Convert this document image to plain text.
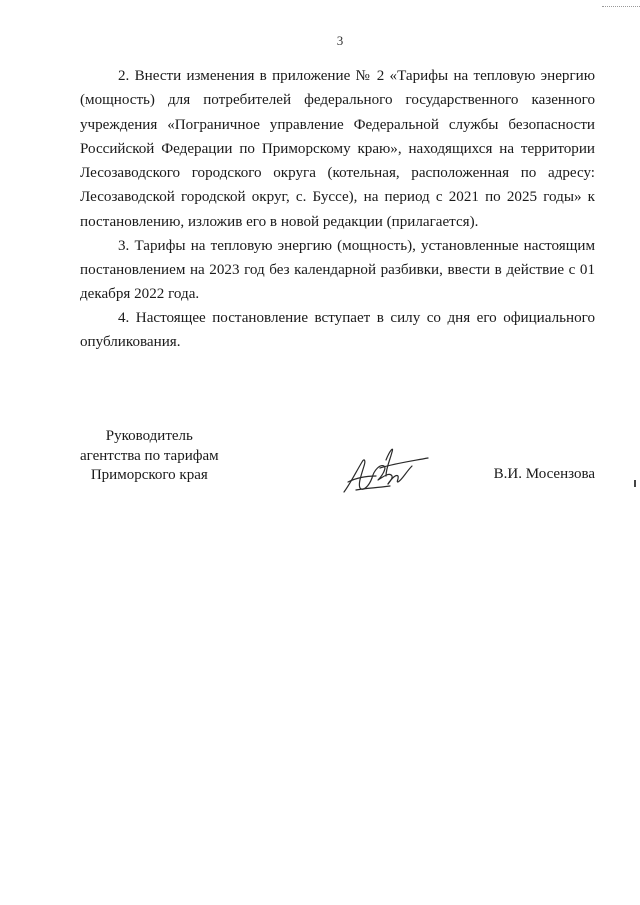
3

2. Внести изменения в приложение № 2 «Тарифы на тепловую энергию (мощность) для потребителей федерального государственного казенного учреждения «Пограничное управление Федеральной службы безопасности Российской Федерации по Приморскому краю», находящихся на территории Лесозаводского городского округа (котельная, расположенная по адресу: Лесозаводской городской округ, с. Буссе), на период с 2021 по 2025 годы» к постановлению, изложив его в новой редакции (прилагается).

3. Тарифы на тепловую энергию (мощность), установленные настоящим постановлением на 2023 год без календарной разбивки, ввести в действие с 01 декабря 2022 года.

4. Настоящее постановление вступает в силу со дня его официального опубликования.

Руководитель
агентства по тарифам
Приморского края	В.И. Мосензова
